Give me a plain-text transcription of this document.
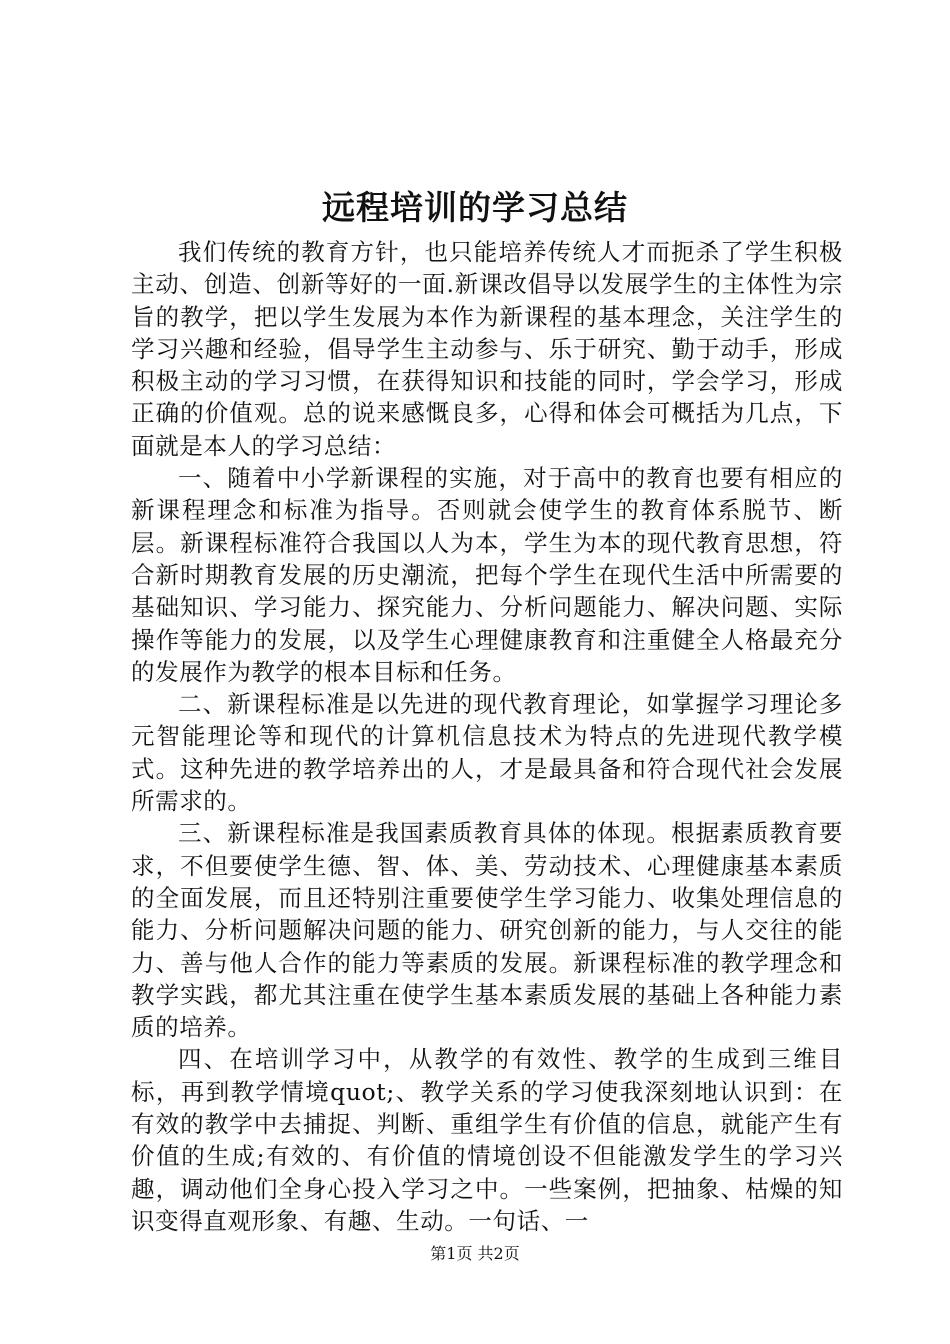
远程培训的学习总结

我们传统的教育方针，也只能培养传统人才而扼杀了学生积极主动、创造、创新等好的一面.新课改倡导以发展学生的主体性为宗旨的教学，把以学生发展为本作为新课程的基本理念，关注学生的学习兴趣和经验，倡导学生主动参与、乐于研究、勤于动手，形成积极主动的学习习惯，在获得知识和技能的同时，学会学习，形成正确的价值观。总的说来感慨良多，心得和体会可概括为几点，下面就是本人的学习总结：

一、随着中小学新课程的实施，对于高中的教育也要有相应的新课程理念和标准为指导。否则就会使学生的教育体系脱节、断层。新课程标准符合我国以人为本，学生为本的现代教育思想，符合新时期教育发展的历史潮流，把每个学生在现代生活中所需要的基础知识、学习能力、探究能力、分析问题能力、解决问题、实际操作等能力的发展，以及学生心理健康教育和注重健全人格最充分的发展作为教学的根本目标和任务。

二、新课程标准是以先进的现代教育理论，如掌握学习理论多元智能理论等和现代的计算机信息技术为特点的先进现代教学模式。这种先进的教学培养出的人，才是最具备和符合现代社会发展所需求的。

三、新课程标准是我国素质教育具体的体现。根据素质教育要求，不但要使学生德、智、体、美、劳动技术、心理健康基本素质的全面发展，而且还特别注重要使学生学习能力、收集处理信息的能力、分析问题解决问题的能力、研究创新的能力，与人交往的能力、善与他人合作的能力等素质的发展。新课程标准的教学理念和教学实践，都尤其注重在使学生基本素质发展的基础上各种能力素质的培养。

四、在培训学习中，从教学的有效性、教学的生成到三维目标，再到教学情境quot;、教学关系的学习使我深刻地认识到：在有效的教学中去捕捉、判断、重组学生有价值的信息，就能产生有价值的生成;有效的、有价值的情境创设不但能激发学生的学习兴趣，调动他们全身心投入学习之中。一些案例，把抽象、枯燥的知识变得直观形象、有趣、生动。一句话、一

第1页 共2页
